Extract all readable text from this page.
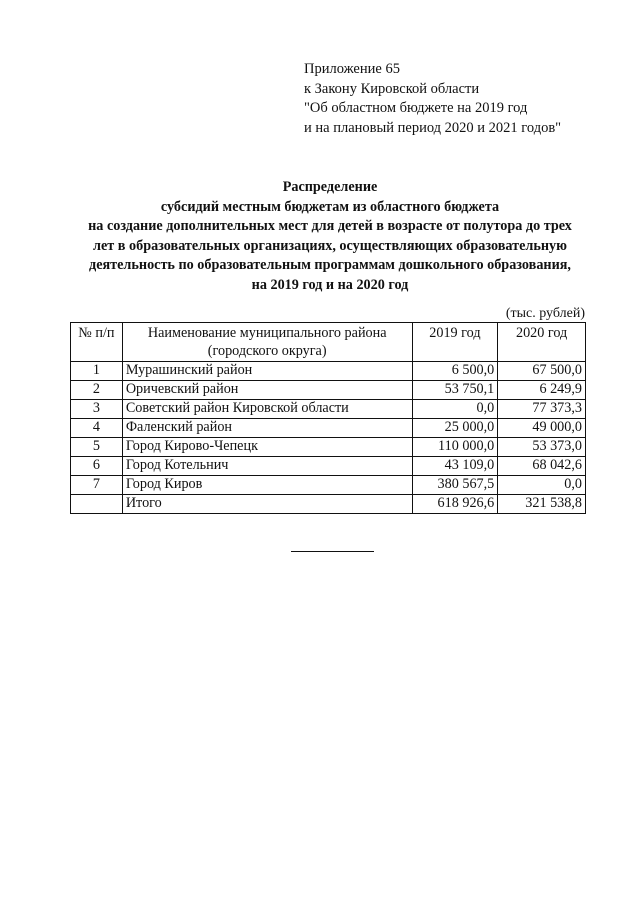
Приложение 65
к Закону Кировской области
"Об областном бюджете на 2019 год
и на плановый период 2020 и 2021 годов"
Распределение
субсидий местным бюджетам из областного бюджета
на создание дополнительных мест для детей в возрасте от полутора до трех
лет в образовательных организациях, осуществляющих образовательную
деятельность по образовательным программам дошкольного образования,
на 2019 год и на 2020 год
(тыс. рублей)
№ п/п	Наименование муниципального района
(городского округа)	2019 год	2020 год
1	Мурашинский район	6 500,0	67 500,0
2	Оричевский район	53 750,1	6 249,9
3	Советский район Кировской области	0,0	77 373,3
4	Фаленский район	25 000,0	49 000,0
5	Город Кирово-Чепецк	110 000,0	53 373,0
6	Город Котельнич	43 109,0	68 042,6
7	Город Киров	380 567,5	0,0
	Итого	618 926,6	321 538,8
